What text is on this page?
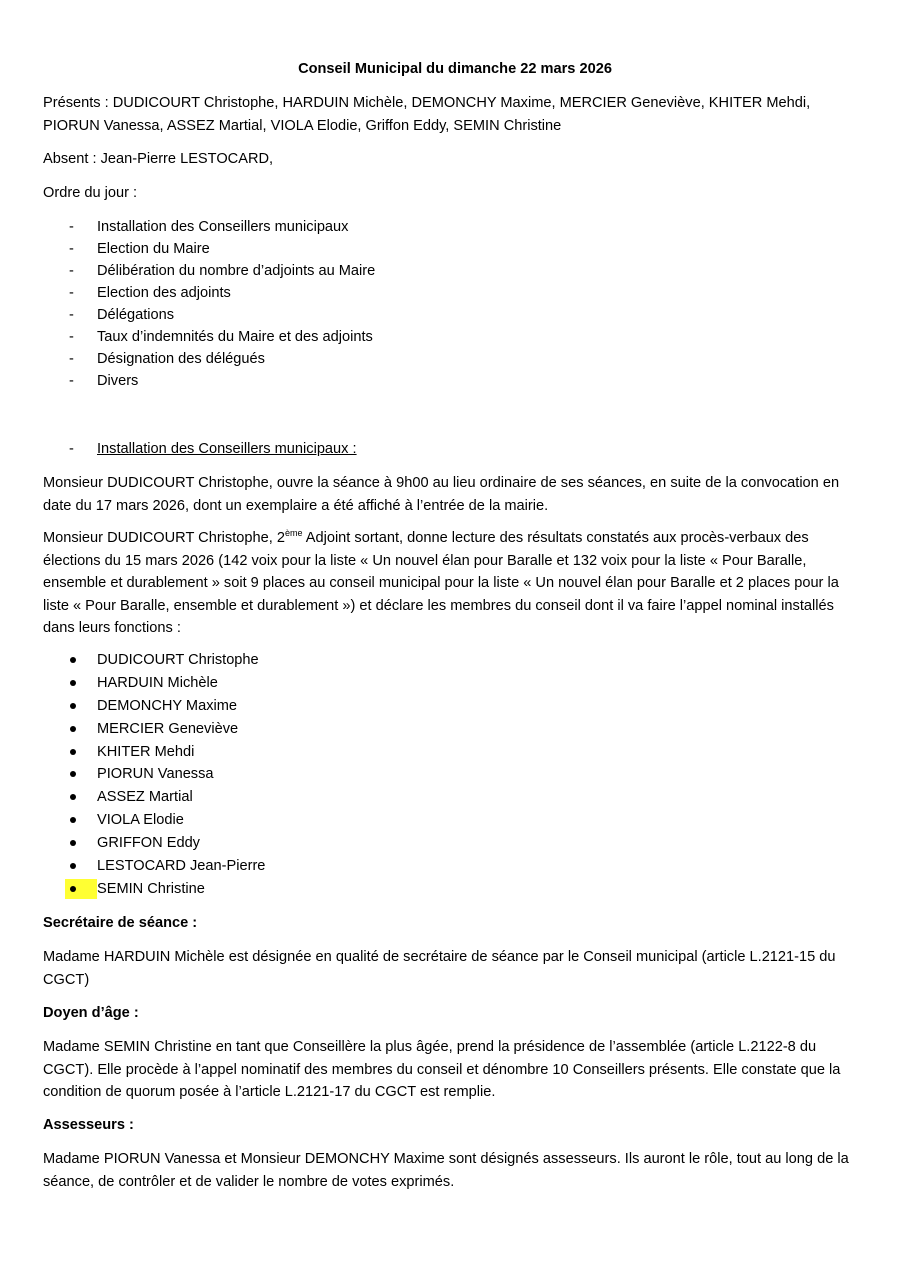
Conseil Municipal du dimanche 22 mars 2026

Présents : DUDICOURT Christophe, HARDUIN Michèle, DEMONCHY Maxime, MERCIER Geneviève, KHITER Mehdi, PIORUN Vanessa, ASSEZ Martial, VIOLA Elodie, Griffon Eddy, SEMIN Christine

Absent : Jean-Pierre LESTOCARD,

Ordre du jour :

- Installation des Conseillers municipaux
- Election du Maire
- Délibération du nombre d’adjoints au Maire
- Election des adjoints
- Délégations
- Taux d’indemnités du Maire et des adjoints
- Désignation des délégués
- Divers
- Installation des Conseillers municipaux :

Monsieur DUDICOURT Christophe, ouvre la séance à 9h00 au lieu ordinaire de ses séances, en suite de la convocation en date du 17 mars 2026, dont un exemplaire a été affiché à l’entrée de la mairie.

Monsieur DUDICOURT Christophe, 2ème Adjoint sortant, donne lecture des résultats constatés aux procès-verbaux des élections du 15 mars 2026 (142 voix pour la liste « Un nouvel élan pour Baralle et 132 voix pour la liste « Pour Baralle, ensemble et durablement » soit 9 places au conseil municipal pour la liste « Un nouvel élan pour Baralle et 2 places pour la liste « Pour Baralle, ensemble et durablement ») et déclare les membres du conseil dont il va faire l’appel nominal installés dans leurs fonctions :

DUDICOURT Christophe
HARDUIN Michèle
DEMONCHY Maxime
MERCIER Geneviève
KHITER Mehdi
PIORUN Vanessa
ASSEZ Martial
VIOLA Elodie
GRIFFON Eddy
LESTOCARD Jean-Pierre
SEMIN Christine

Secrétaire de séance :

Madame HARDUIN Michèle est désignée en qualité de secrétaire de séance par le Conseil municipal (article L.2121-15 du CGCT)

Doyen d’âge :

Madame SEMIN Christine en tant que Conseillère la plus âgée, prend la présidence de l’assemblée (article L.2122-8 du CGCT). Elle procède à l’appel nominatif des membres du conseil et dénombre 10 Conseillers présents. Elle constate que la condition de quorum posée à l’article L.2121-17 du CGCT est remplie.

Assesseurs :

Madame PIORUN Vanessa et Monsieur DEMONCHY Maxime sont désignés assesseurs. Ils auront le rôle, tout au long de la séance, de contrôler et de valider le nombre de votes exprimés.
